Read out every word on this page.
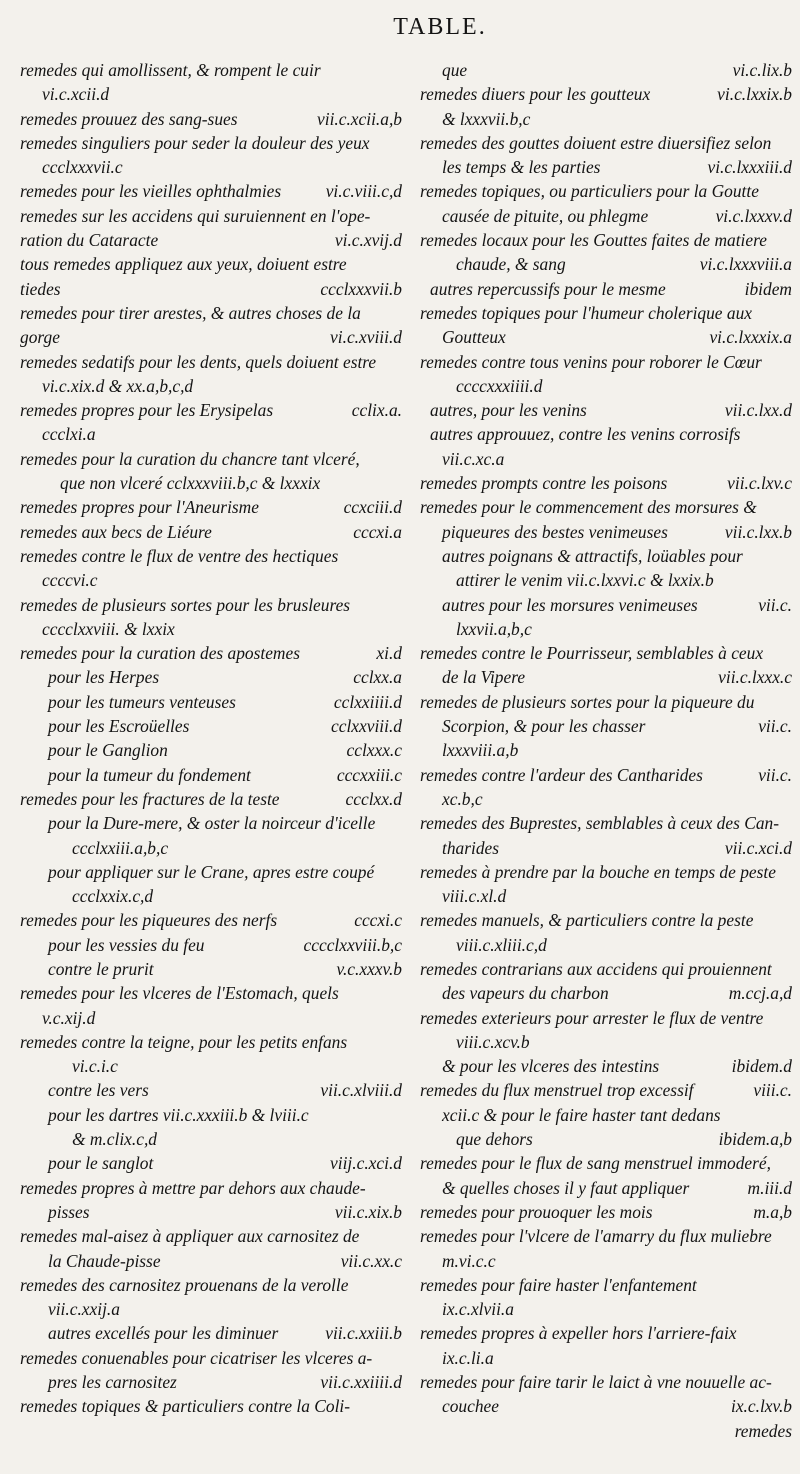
TABLE.
remedes qui amollissent, & rompent le cuir
vi.c.xcii.d
remedes prouuez des sang-sues	vii.c.xcii.a,b
remedes singuliers pour seder la douleur des yeux
ccclxxxvii.c
remedes pour les vieilles ophthalmies	vi.c.viii.c,d
remedes sur les accidens qui suruiennent en l'ope-
ration du Cataracte	vi.c.xvij.d
tous remedes appliquez aux yeux, doiuent estre
tiedes	ccclxxxvii.b
remedes pour tirer arestes, & autres choses de la
gorge	vi.c.xviii.d
remedes sedatifs pour les dents, quels doiuent estre
vi.c.xix.d & xx.a,b,c,d
remedes propres pour les Erysipelas	cclix.a.
ccclxi.a
remedes pour la curation du chancre tant vlceré,
que non vlceré cclxxxviii.b,c & lxxxix
remedes propres pour l'Aneurisme	ccxciii.d
remedes aux becs de Liéure	cccxi.a
remedes contre le flux de ventre des hectiques
ccccvi.c
remedes de plusieurs sortes pour les brusleures
cccclxxviii. & lxxix
remedes pour la curation des apostemes	xi.d
pour les Herpes	cclxx.a
pour les tumeurs venteuses	cclxxiiii.d
pour les Escroüelles	cclxxviii.d
pour le Ganglion	cclxxx.c
pour la tumeur du fondement	cccxxiii.c
remedes pour les fractures de la teste	ccclxx.d
pour la Dure-mere, & oster la noirceur d'icelle
ccclxxiii.a,b,c
pour appliquer sur le Crane, apres estre coupé
ccclxxix.c,d
remedes pour les piqueures des nerfs	cccxi.c
pour les vessies du feu	cccclxxviii.b,c
contre le prurit	v.c.xxxv.b
remedes pour les vlceres de l'Estomach, quels
v.c.xij.d
remedes contre la teigne, pour les petits enfans
vi.c.i.c
contre les vers	vii.c.xlviii.d
pour les dartres vii.c.xxxiii.b & lviii.c
& m.clix.c,d
pour le sanglot	viij.c.xci.d
remedes propres à mettre par dehors aux chaude-
pisses	vii.c.xix.b
remedes mal-aisez à appliquer aux carnositez de
la Chaude-pisse	vii.c.xx.c
remedes des carnositez prouenans de la verolle
vii.c.xxij.a
autres excellés pour les diminuer	vii.c.xxiii.b
remedes conuenables pour cicatriser les vlceres a-
pres les carnositez	vii.c.xxiiii.d
remedes topiques & particuliers contre la Coli-
que	vi.c.lix.b
remedes diuers pour les goutteux	vi.c.lxxix.b
& lxxxvii.b,c
remedes des gouttes doiuent estre diuersifiez selon
les temps & les parties	vi.c.lxxxiii.d
remedes topiques, ou particuliers pour la Goutte
causée de pituite, ou phlegme	vi.c.lxxxv.d
remedes locaux pour les Gouttes faites de matiere
chaude, & sang	vi.c.lxxxviii.a
autres repercussifs pour le mesme	ibidem
remedes topiques pour l'humeur cholerique aux
Goutteux	vi.c.lxxxix.a
remedes contre tous venins pour roborer le Cœur
ccccxxxiiii.d
autres, pour les venins	vii.c.lxx.d
autres approuuez, contre les venins corrosifs
vii.c.xc.a
remedes prompts contre les poisons	vii.c.lxv.c
remedes pour le commencement des morsures &
piqueures des bestes venimeuses	vii.c.lxx.b
autres poignans & attractifs, loüables pour
attirer le venim vii.c.lxxvi.c & lxxix.b
autres pour les morsures venimeuses	vii.c.
lxxvii.a,b,c
remedes contre le Pourrisseur, semblables à ceux
de la Vipere	vii.c.lxxx.c
remedes de plusieurs sortes pour la piqueure du
Scorpion, & pour les chasser	vii.c.
lxxxviii.a,b
remedes contre l'ardeur des Cantharides	vii.c.
xc.b,c
remedes des Buprestes, semblables à ceux des Can-
tharides	vii.c.xci.d
remedes à prendre par la bouche en temps de peste
viii.c.xl.d
remedes manuels, & particuliers contre la peste
viii.c.xliii.c,d
remedes contrarians aux accidens qui prouiennent
des vapeurs du charbon	m.ccj.a,d
remedes exterieurs pour arrester le flux de ventre
viii.c.xcv.b
& pour les vlceres des intestins	ibidem.d
remedes du flux menstruel trop excessif	viii.c.
xcii.c & pour le faire haster tant dedans
que dehors	ibidem.a,b
remedes pour le flux de sang menstruel immoderé,
& quelles choses il y faut appliquer	m.iii.d
remedes pour prouoquer les mois	m.a,b
remedes pour l'vlcere de l'amarry du flux muliebre
m.vi.c.c
remedes pour faire haster l'enfantement
ix.c.xlvii.a
remedes propres à expeller hors l'arriere-faix
ix.c.li.a
remedes pour faire tarir le laict à vne nouuelle ac-
couchee	ix.c.lxv.b
remedes
